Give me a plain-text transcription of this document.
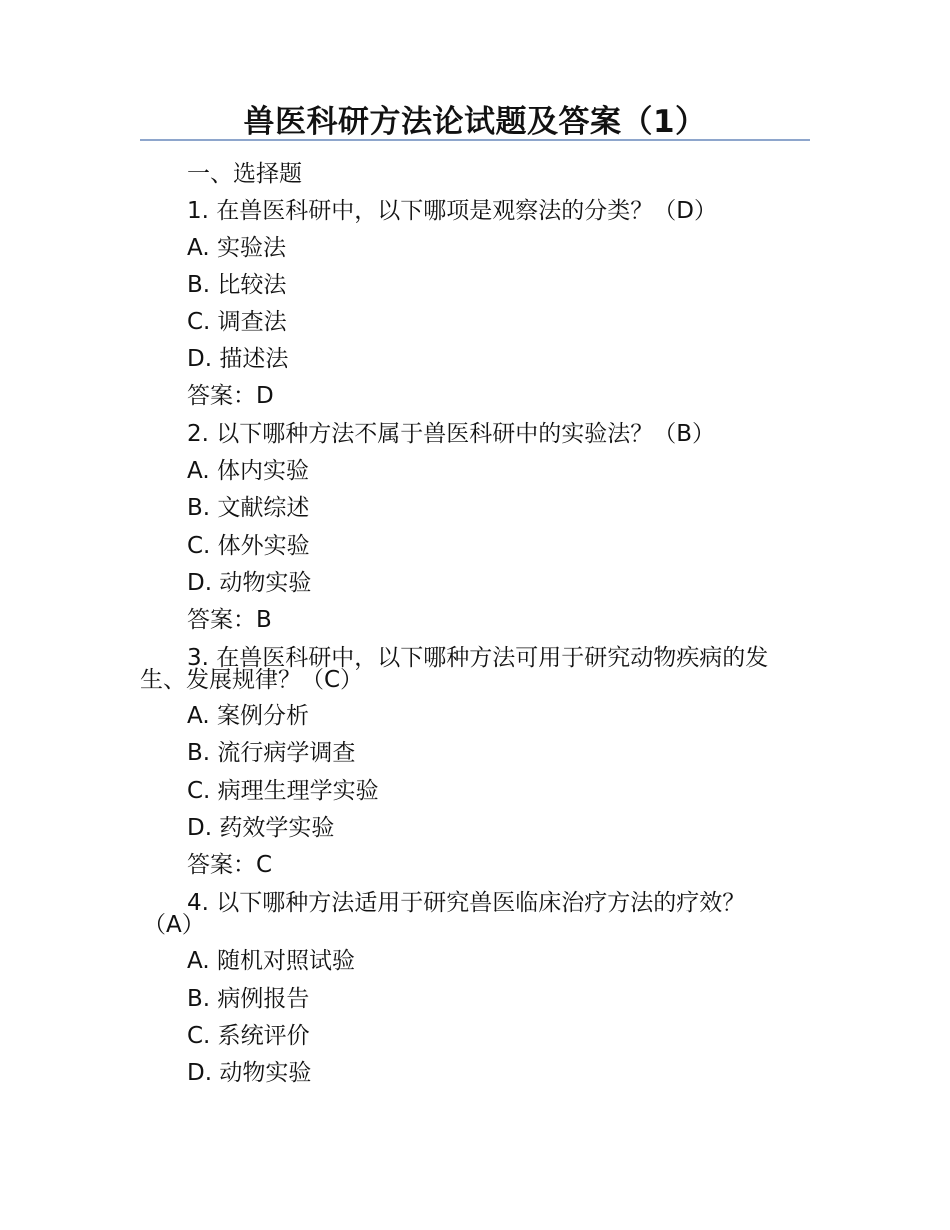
兽医科研方法论试题及答案（1）
一、选择题
1. 在兽医科研中，以下哪项是观察法的分类？（D）
A. 实验法
B. 比较法
C. 调查法
D. 描述法
答案：D
2. 以下哪种方法不属于兽医科研中的实验法？（B）
A. 体内实验
B. 文献综述
C. 体外实验
D. 动物实验
答案：B
3. 在兽医科研中，以下哪种方法可用于研究动物疾病的发
生、发展规律？（C）
A. 案例分析
B. 流行病学调查
C. 病理生理学实验
D. 药效学实验
答案：C
4. 以下哪种方法适用于研究兽医临床治疗方法的疗效？
（A）
A. 随机对照试验
B. 病例报告
C. 系统评价
D. 动物实验
